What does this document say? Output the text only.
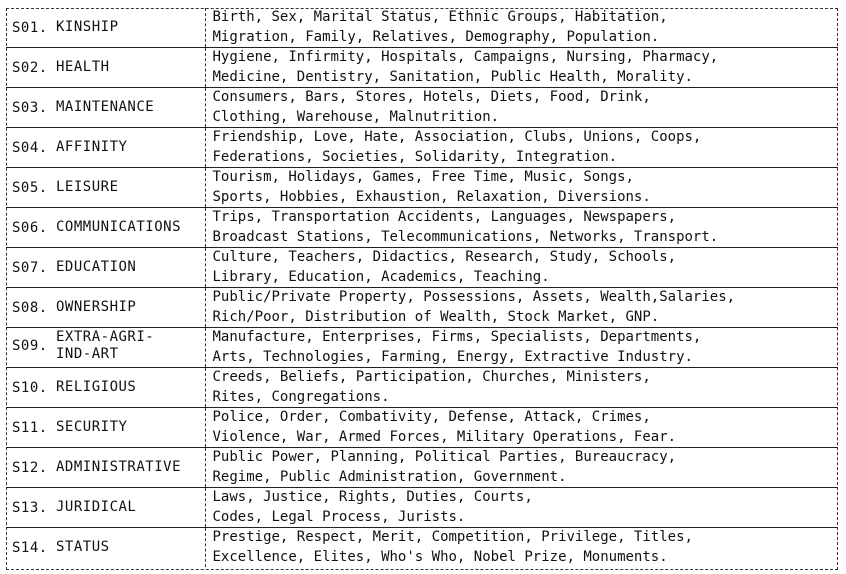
S01. KINSHIP	Birth, Sex, Marital Status, Ethnic Groups, Habitation,
Migration, Family, Relatives, Demography, Population.

S02. HEALTH	Hygiene, Infirmity, Hospitals, Campaigns, Nursing, Pharmacy,
Medicine, Dentistry, Sanitation, Public Health, Morality.

S03. MAINTENANCE	Consumers, Bars, Stores, Hotels, Diets, Food, Drink,
Clothing, Warehouse, Malnutrition.

S04. AFFINITY	Friendship, Love, Hate, Association, Clubs, Unions, Coops,
Federations, Societies, Solidarity, Integration.

S05. LEISURE	Tourism, Holidays, Games, Free Time, Music, Songs,
Sports, Hobbies, Exhaustion, Relaxation, Diversions.

S06. COMMUNICATIONS	Trips, Transportation Accidents, Languages, Newspapers,
Broadcast Stations, Telecommunications, Networks, Transport.

S07. EDUCATION	Culture, Teachers, Didactics, Research, Study, Schools,
Library, Education, Academics, Teaching.

S08. OWNERSHIP	Public/Private Property, Possessions, Assets, Wealth,Salaries,
Rich/Poor, Distribution of Wealth, Stock Market, GNP.

S09.
EXTRA-AGRI-
IND-ART	Manufacture, Enterprises, Firms, Specialists, Departments,
Arts, Technologies, Farming, Energy, Extractive Industry.

S10. RELIGIOUS	Creeds, Beliefs, Participation, Churches, Ministers,
Rites, Congregations.

S11. SECURITY	Police, Order, Combativity, Defense, Attack, Crimes,
Violence, War, Armed Forces, Military Operations, Fear.

S12. ADMINISTRATIVE	Public Power, Planning, Political Parties, Bureaucracy,
Regime, Public Administration, Government.

S13. JURIDICAL	Laws, Justice, Rights, Duties, Courts,
Codes, Legal Process, Jurists.

S14. STATUS	Prestige, Respect, Merit, Competition, Privilege, Titles,
Excellence, Elites, Who's Who, Nobel Prize, Monuments.
